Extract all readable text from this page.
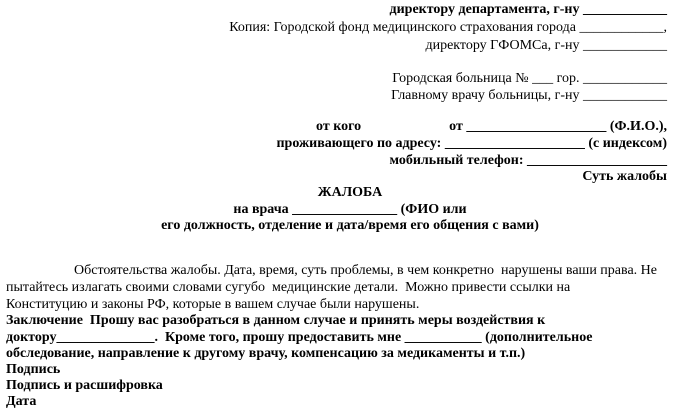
директору департамента, г-ну ____________
Копия: Городской фонд медицинского страхования города ____________,
директору ГФОМСа, г-ну ____________
Городская больница № ___ гор. ____________
Главному врачу больницы, г-ну ____________
от кого	от ____________________ (Ф.И.О.),
проживающего по адресу: ____________________ (с индексом)
мобильный телефон: ____________________
Суть жалобы
ЖАЛОБА
на врача _______________ (ФИО или
его должность, отделение и дата/время его общения с вами)
Обстоятельства жалобы. Дата, время, суть проблемы, в чем конкретно  нарушены ваши права. Не
пытайтесь излагать своими словами сугубо  медицинские детали.  Можно привести ссылки на
Конституцию и законы РФ, которые в вашем случае были нарушены.
Заключение  Прошу вас разобраться в данном случае и принять меры воздействия к
доктору______________.  Кроме того, прошу предоставить мне ___________ (дополнительное
обследование, направление к другому врачу, компенсацию за медикаменты и т.п.)
Подпись
Подпись и расшифровка
Дата
